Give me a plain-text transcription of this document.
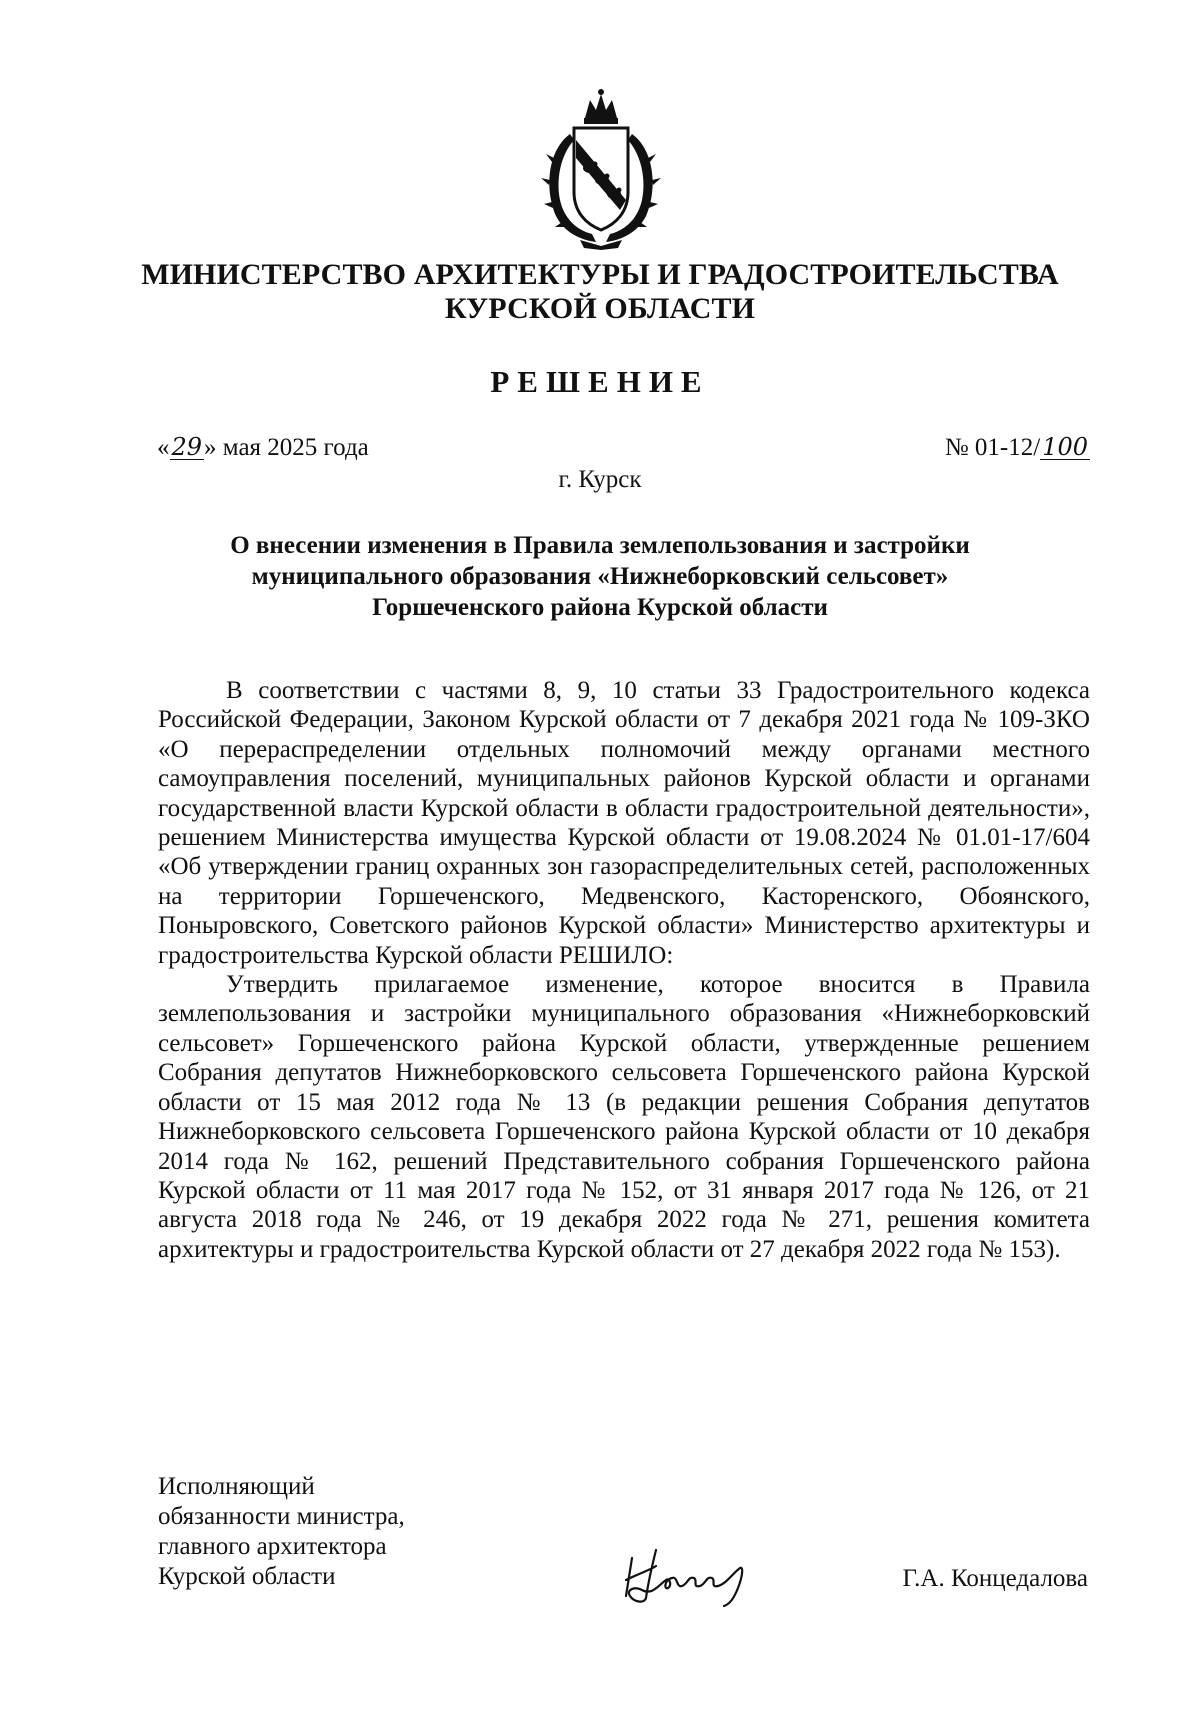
МИНИСТЕРСТВО АРХИТЕКТУРЫ И ГРАДОСТРОИТЕЛЬСТВА
КУРСКОЙ ОБЛАСТИ
РЕШЕНИЕ
«29» мая 2025 года	№ 01-12/100
г. Курск
О внесении изменения в Правила землепользования и застройки
муниципального образования «Нижнеборковский сельсовет»
Горшеченского района Курской области

В соответствии с частями 8, 9, 10 статьи 33 Градостроительного кодекса Российской Федерации, Законом Курской области от 7 декабря 2021 года № 109-ЗКО «О перераспределении отдельных полномочий между органами местного самоуправления поселений, муниципальных районов Курской области и органами государственной власти Курской области в области градостроительной деятельности», решением Министерства имущества Курской области от 19.08.2024 № 01.01-17/604 «Об утверждении границ охранных зон газораспределительных сетей, расположенных на территории Горшеченского, Медвенского, Касторенского, Обоянского, Поныровского, Советского районов Курской области» Министерство архитектуры и градостроительства Курской области РЕШИЛО:

Утвердить прилагаемое изменение, которое вносится в Правила землепользования и застройки муниципального образования «Нижнеборковский сельсовет» Горшеченского района Курской области, утвержденные решением Собрания депутатов Нижнеборковского сельсовета Горшеченского района Курской области от 15 мая 2012 года № 13 (в редакции решения Собрания депутатов Нижнеборковского сельсовета Горшеченского района Курской области от 10 декабря 2014 года № 162, решений Представительного собрания Горшеченского района Курской области от 11 мая 2017 года № 152, от 31 января 2017 года № 126, от 21 августа 2018 года № 246, от 19 декабря 2022 года № 271, решения комитета архитектуры и градостроительства Курской области от 27 декабря 2022 года № 153).

Исполняющий
обязанности министра,
главного архитектора
Курской области	Г.А. Концедалова
